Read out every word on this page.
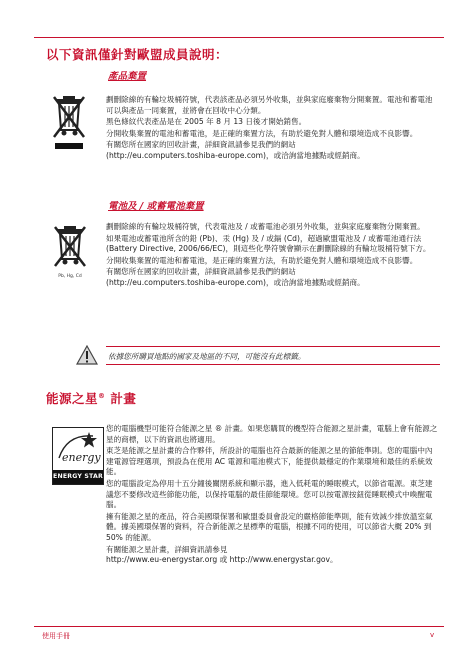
以下資訊僅針對歐盟成員說明：
產品棄置
劃刪除線的有輪垃圾桶符號，代表該產品必須另外收集，並與家庭廢棄物分開棄置。電池和蓄電池可以與產品一同棄置，並將會在回收中心分類。
黑色條紋代表產品是在 2005 年 8 月 13 日後才開始銷售。
分開收集棄置的電池和蓄電池，是正確的棄置方法，有助於避免對人體和環境造成不良影響。
有關您所在國家的回收計畫，詳細資訊請參見我們的網站
(http://eu.computers.toshiba-europe.com)，或洽詢當地據點或經銷商。
電池及 / 或蓄電池棄置
Pb, Hg, Cd
劃刪除線的有輪垃圾桶符號，代表電池及 / 或蓄電池必須另外收集，並與家庭廢棄物分開棄置。
如果電池或蓄電池所含的鉛 (Pb)、汞 (Hg) 及 / 或鎘 (Cd)，超過歐盟電池及 / 或蓄電池通行法 (Battery Directive, 2006/66/EC)，則這些化學符號會顯示在劃刪除線的有輪垃圾桶符號下方。
分開收集棄置的電池和蓄電池，是正確的棄置方法，有助於避免對人體和環境造成不良影響。
有關您所在國家的回收計畫，詳細資訊請參見我們的網站
(http://eu.computers.toshiba-europe.com)，或洽詢當地據點或經銷商。
依據您所購買地點的國家及地區的不同，可能沒有此標籤。
能源之星® 計畫
energy
ENERGY STAR
您的電腦機型可能符合能源之星 ® 計畫。如果您購買的機型符合能源之星計畫，電腦上會有能源之星的商標，以下的資訊也將適用。
東芝是能源之星計畫的合作夥伴，所設計的電腦也符合最新的能源之星的節能準則。您的電腦中內建電源管理選項，預設為在使用 AC 電源和電池模式下，能提供最穩定的作業環境和最佳的系統效能。
您的電腦設定為停用十五分鐘後關閉系統和顯示器，進入低耗電的睡眠模式，以節省電源。東芝建議您不要修改這些節能功能，以保持電腦的最佳節能環境。您可以按電源按鈕從睡眠模式中喚醒電腦。
擁有能源之星的產品，符合美國環保署和歐盟委員會設定的嚴格節能準則，能有效減少排放溫室氣體。據美國環保署的資料，符合新能源之星標準的電腦，根據不同的使用，可以節省大概 20% 到 50% 的能源。
有關能源之星計畫，詳細資訊請參見
http://www.eu-energystar.org 或 http://www.energystar.gov。
使用手冊	v
